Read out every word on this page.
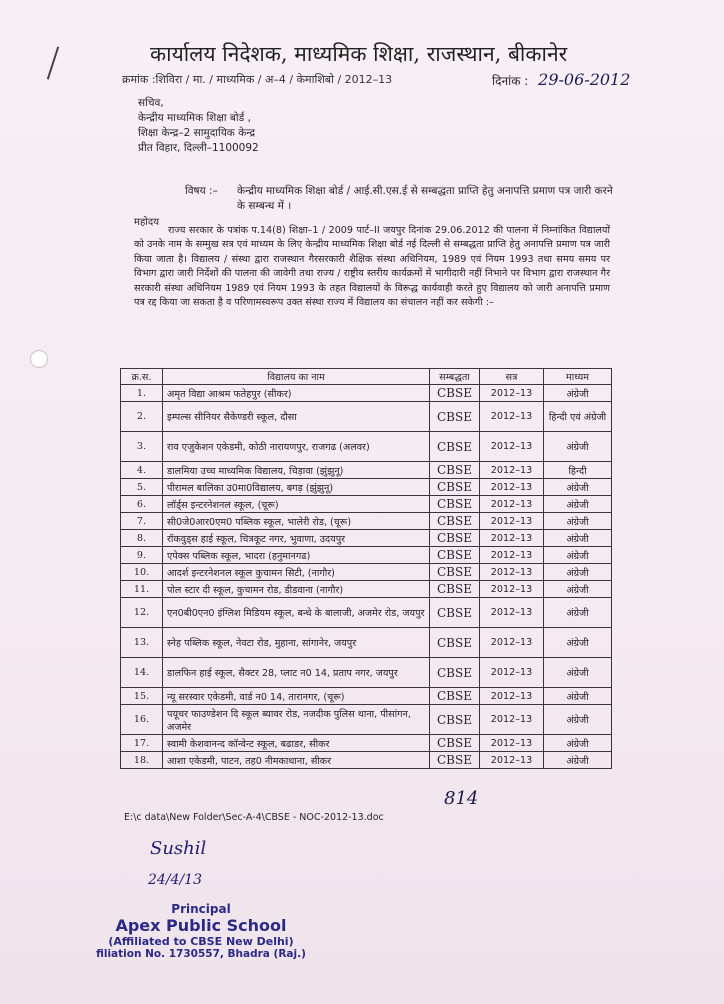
कार्यालय निदेशक, माध्यमिक शिक्षा, राजस्थान, बीकानेर
क्रमांक :शिविरा / मा. / माध्यमिक / अ–4 / केमाशिबो / 2012–13	दिनांक : 29-06-2012
सचिव,
केन्द्रीय माध्यमिक शिक्षा बोर्ड ,
शिक्षा केन्द्र–2 सामुदायिक केन्द्र
प्रीत विहार, दिल्ली–1100092
विषय :– केन्द्रीय माध्यमिक शिक्षा बोर्ड / आई.सी.एस.ई से सम्बद्धता प्राप्ति हेतु अनापत्ति प्रमाण पत्र जारी करने के सम्बन्ध में ।
महोदय
राज्य सरकार के पत्रांक प.14(8) शिक्षा–1 / 2009 पार्ट–II जयपुर दिनांक 29.06.2012 की पालना में निम्नांकित विद्यालयों को उनके नाम के सम्मुख सत्र एवं माध्यम के लिए केन्द्रीय माध्यमिक शिक्षा बोर्ड नई दिल्ली से सम्बद्धता प्राप्ति हेतु अनापत्ति प्रमाण पत्र जारी किया जाता है। विद्यालय / संस्था द्वारा राजस्थान गैरसरकारी शैक्षिक संस्था अधिनियम, 1989 एवं नियम 1993 तथा समय समय पर विभाग द्वारा जारी निर्देशों की पालना की जावेगी तथा राज्य / राष्ट्रीय स्तरीय कार्यक्रमों में भागीदारी नहीं निभाने पर विभाग द्वारा राजस्थान गैर सरकारी संस्था अधिनियम 1989 एवं नियम 1993 के तहत विद्यालयों के विरूद्ध कार्यवाही करते हुए विद्यालय को जारी अनापत्ति प्रमाण पत्र रद्द किया जा सकता है व परिणामस्वरूप उक्त संस्था राज्य में विद्यालय का संचालन नहीं कर सकेगी :–
क्र.स.	विद्यालय का नाम	सम्बद्धता	सत्र	माध्यम
1.	अमृत विद्या आश्रम फतेहपुर (सीकर)	CBSE	2012–13	अंग्रेजी
2.	इम्पल्स सीनियर सैकेण्डरी स्कूल, दौसा	CBSE	2012–13	हिन्दी एवं अंग्रेजी
3.	राव एजुकेशन एकेडमी, कोठी नारायणपुर, राजगढ (अलवर)	CBSE	2012–13	अंग्रेजी
4.	डालमिया उच्च माध्यमिक विद्यालय, चिड़ावा (झुंझुनू)	CBSE	2012–13	हिन्दी
5.	पीरामल बालिका उ0मा0विद्यालय, बगड़ (झुंझुनू)	CBSE	2012–13	अंग्रेजी
6.	लॉर्ड्स इन्टरनेशनल स्कूल, (चूरू)	CBSE	2012–13	अंग्रेजी
7.	सी0जे0आर0एम0 पब्लिक स्कूल, भालेरी रोड, (चूरू)	CBSE	2012–13	अंग्रेजी
8.	रॉकवुड्स हाई स्कूल, चित्रकूट नगर, भुवाणा, उदयपुर	CBSE	2012–13	अंग्रेजी
9.	एपेक्स पब्लिक स्कूल, भादरा (हनुमानगढ)	CBSE	2012–13	अंग्रेजी
10.	आदर्श इन्टरनेशनल स्कूल कुचामन सिटी, (नागौर)	CBSE	2012–13	अंग्रेजी
11.	पोल स्टार दी स्कूल, कुचामन रोड, डीडवाना (नागौर)	CBSE	2012–13	अंग्रेजी
12.	एन0बी0एन0 इंग्लिश मिडियम स्कूल, बन्धे के बालाजी, अजमेर रोड, जयपुर	CBSE	2012–13	अंग्रेजी
13.	स्नेह पब्लिक स्कूल, नेवटा रोड, मुहाना, सांगानेर, जयपुर	CBSE	2012–13	अंग्रेजी
14.	डालफिन हाई स्कूल, सैक्टर 28, प्लाट न0 14, प्रताप नगर, जयपुर	CBSE	2012–13	अंग्रेजी
15.	न्यू सरस्वार एकेडमी, वार्ड न0 14, तारानगर, (चूरू)	CBSE	2012–13	अंग्रेजी
16.	पयूचर फाउण्डेशन दि स्कूल ब्यावर रोड, नजदीक पुलिस थाना, पीसांगन, अजमेर	CBSE	2012–13	अंग्रेजी
17.	स्वामी केशवानन्द कॉन्वेन्ट स्कूल, बढाडर, सीकर	CBSE	2012–13	अंग्रेजी
18.	आशा एकेडमी, पाटन, तह0 नीमकाथाना, सीकर	CBSE	2012–13	अंग्रेजी
814
E:\c data\New Folder\Sec-A-4\CBSE - NOC-2012-13.doc
Sushil
24/4/13
Principal
Apex Public School
(Affiliated to CBSE New Delhi)
filiation No. 1730557, Bhadra (Raj.)
